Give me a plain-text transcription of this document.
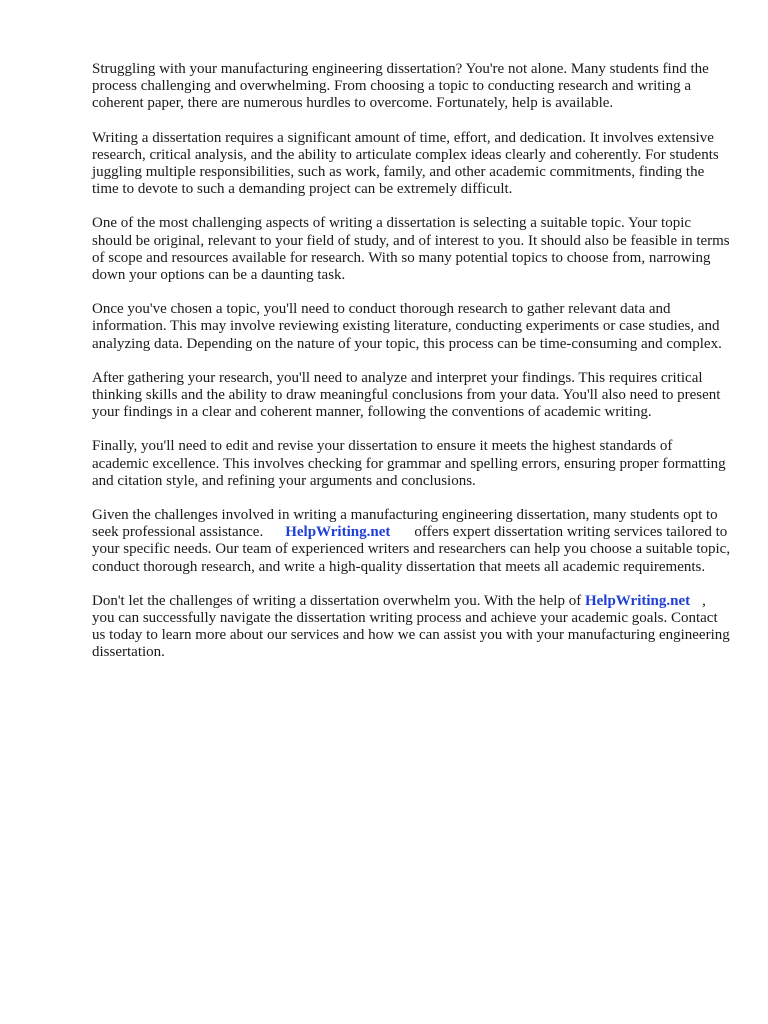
Struggling with your manufacturing engineering dissertation? You're not alone. Many students find the process challenging and overwhelming. From choosing a topic to conducting research and writing a coherent paper, there are numerous hurdles to overcome. Fortunately, help is available.

Writing a dissertation requires a significant amount of time, effort, and dedication. It involves extensive research, critical analysis, and the ability to articulate complex ideas clearly and coherently. For students juggling multiple responsibilities, such as work, family, and other academic commitments, finding the time to devote to such a demanding project can be extremely difficult.

One of the most challenging aspects of writing a dissertation is selecting a suitable topic. Your topic should be original, relevant to your field of study, and of interest to you. It should also be feasible in terms of scope and resources available for research. With so many potential topics to choose from, narrowing down your options can be a daunting task.

Once you've chosen a topic, you'll need to conduct thorough research to gather relevant data and information. This may involve reviewing existing literature, conducting experiments or case studies, and analyzing data. Depending on the nature of your topic, this process can be time-consuming and complex.

After gathering your research, you'll need to analyze and interpret your findings. This requires critical thinking skills and the ability to draw meaningful conclusions from your data. You'll also need to present your findings in a clear and coherent manner, following the conventions of academic writing.

Finally, you'll need to edit and revise your dissertation to ensure it meets the highest standards of academic excellence. This involves checking for grammar and spelling errors, ensuring proper formatting and citation style, and refining your arguments and conclusions.

Given the challenges involved in writing a manufacturing engineering dissertation, many students opt to seek professional assistance. HelpWriting.net offers expert dissertation writing services tailored to your specific needs. Our team of experienced writers and researchers can help you choose a suitable topic, conduct thorough research, and write a high-quality dissertation that meets all academic requirements.

Don't let the challenges of writing a dissertation overwhelm you. With the help of HelpWriting.net , you can successfully navigate the dissertation writing process and achieve your academic goals. Contact us today to learn more about our services and how we can assist you with your manufacturing engineering dissertation.
